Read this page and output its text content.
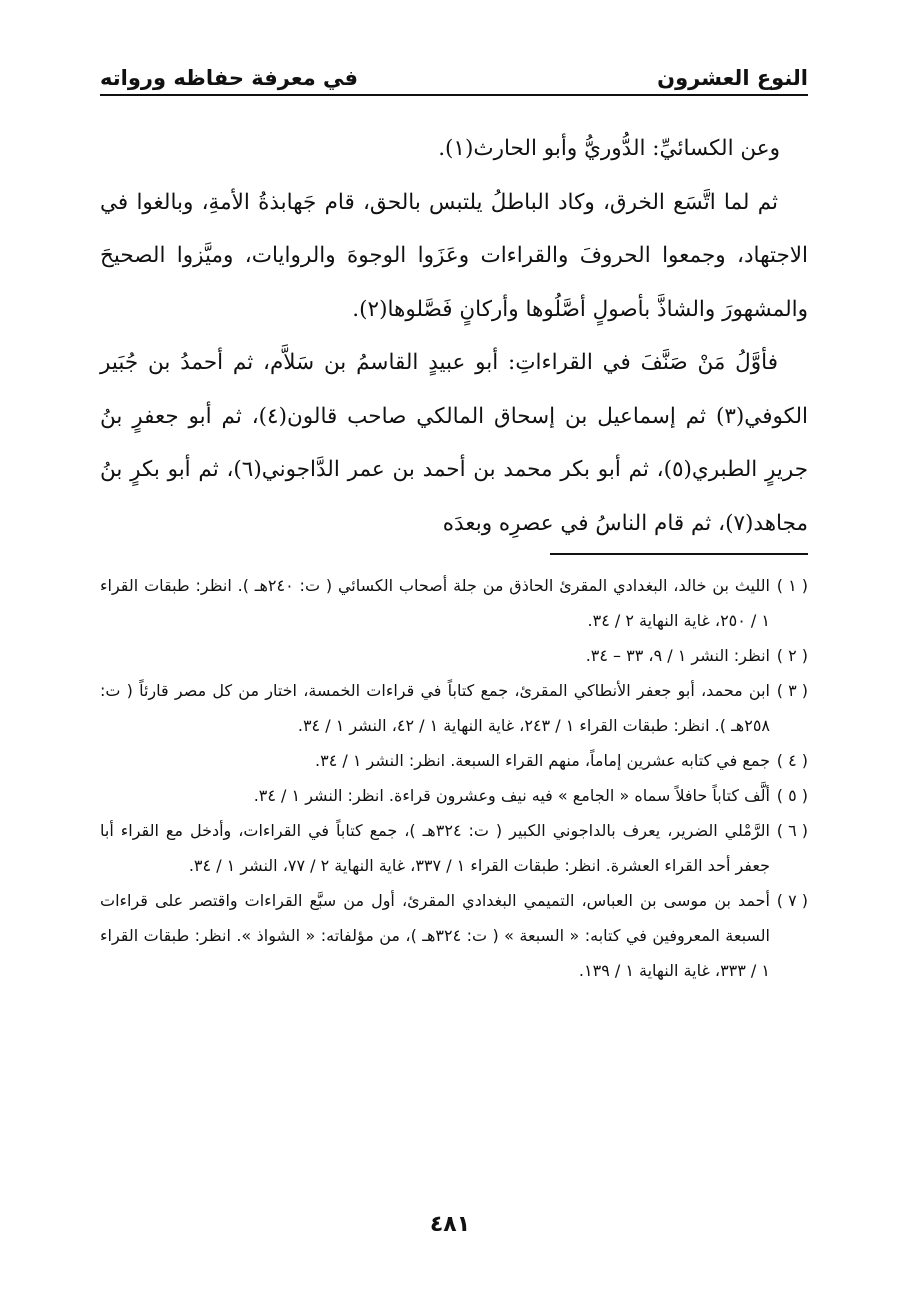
النوع العشرون
في معرفة حفاظه ورواته

وعن الكسائيِّ: الدُّوريُّ وأبو الحارث(١).

ثم لما اتَّسَع الخرق، وكاد الباطلُ يلتبس بالحق، قام جَهابذةُ الأمةِ، وبالغوا في الاجتهاد، وجمعوا الحروفَ والقراءات وعَزَوا الوجوهَ والروايات، وميَّزوا الصحيحَ والمشهورَ والشاذَّ بأصولٍ أصَّلُوها وأركانٍ فَصَّلوها(٢).

فأوَّلُ مَنْ صَنَّفَ في القراءاتِ: أبو عبيدٍ القاسمُ بن سَلاَّم، ثم أحمدُ بن جُبَير الكوفي(٣) ثم إسماعيل بن إسحاق المالكي صاحب قالون(٤)، ثم أبو جعفرٍ بنُ جريرٍ الطبري(٥)، ثم أبو بكر محمد بن أحمد بن عمر الدَّاجوني(٦)، ثم أبو بكرٍ بنُ مجاهد(٧)، ثم قام الناسُ في عصرِه وبعدَه

( ١ )
الليث بن خالد، البغدادي المقرئ الحاذق من جلة أصحاب الكسائي ( ت: ٢٤٠هـ ). انظر: طبقات القراء ١ / ٢٥٠، غاية النهاية ٢ / ٣٤.
( ٢ )
انظر: النشر ١ / ٩، ٣٣ – ٣٤.
( ٣ )
ابن محمد، أبو جعفر الأنطاكي المقرئ، جمع كتاباً في قراءات الخمسة، اختار من كل مصر قارئاً ( ت: ٢٥٨هـ ). انظر: طبقات القراء ١ / ٢٤٣، غاية النهاية ١ / ٤٢، النشر ١ / ٣٤.
( ٤ )
جمع في كتابه عشرين إماماً، منهم القراء السبعة. انظر: النشر ١ / ٣٤.
( ٥ )
ألَّف كتاباً حافلاً سماه « الجامع » فيه نيف وعشرون قراءة. انظر: النشر ١ / ٣٤.
( ٦ )
الرَّمْلي الضرير، يعرف بالداجوني الكبير ( ت: ٣٢٤هـ )، جمع كتاباً في القراءات، وأدخل مع القراء أبا جعفر أحد القراء العشرة. انظر: طبقات القراء ١ / ٣٣٧، غاية النهاية ٢ / ٧٧، النشر ١ / ٣٤.
( ٧ )
أحمد بن موسى بن العباس، التميمي البغدادي المقرئ، أول من سبَّع القراءات واقتصر على قراءات السبعة المعروفين في كتابه: « السبعة » ( ت: ٣٢٤هـ )، من مؤلفاته: « الشواذ ». انظر: طبقات القراء ١ / ٣٣٣، غاية النهاية ١ / ١٣٩.
٤٨١
